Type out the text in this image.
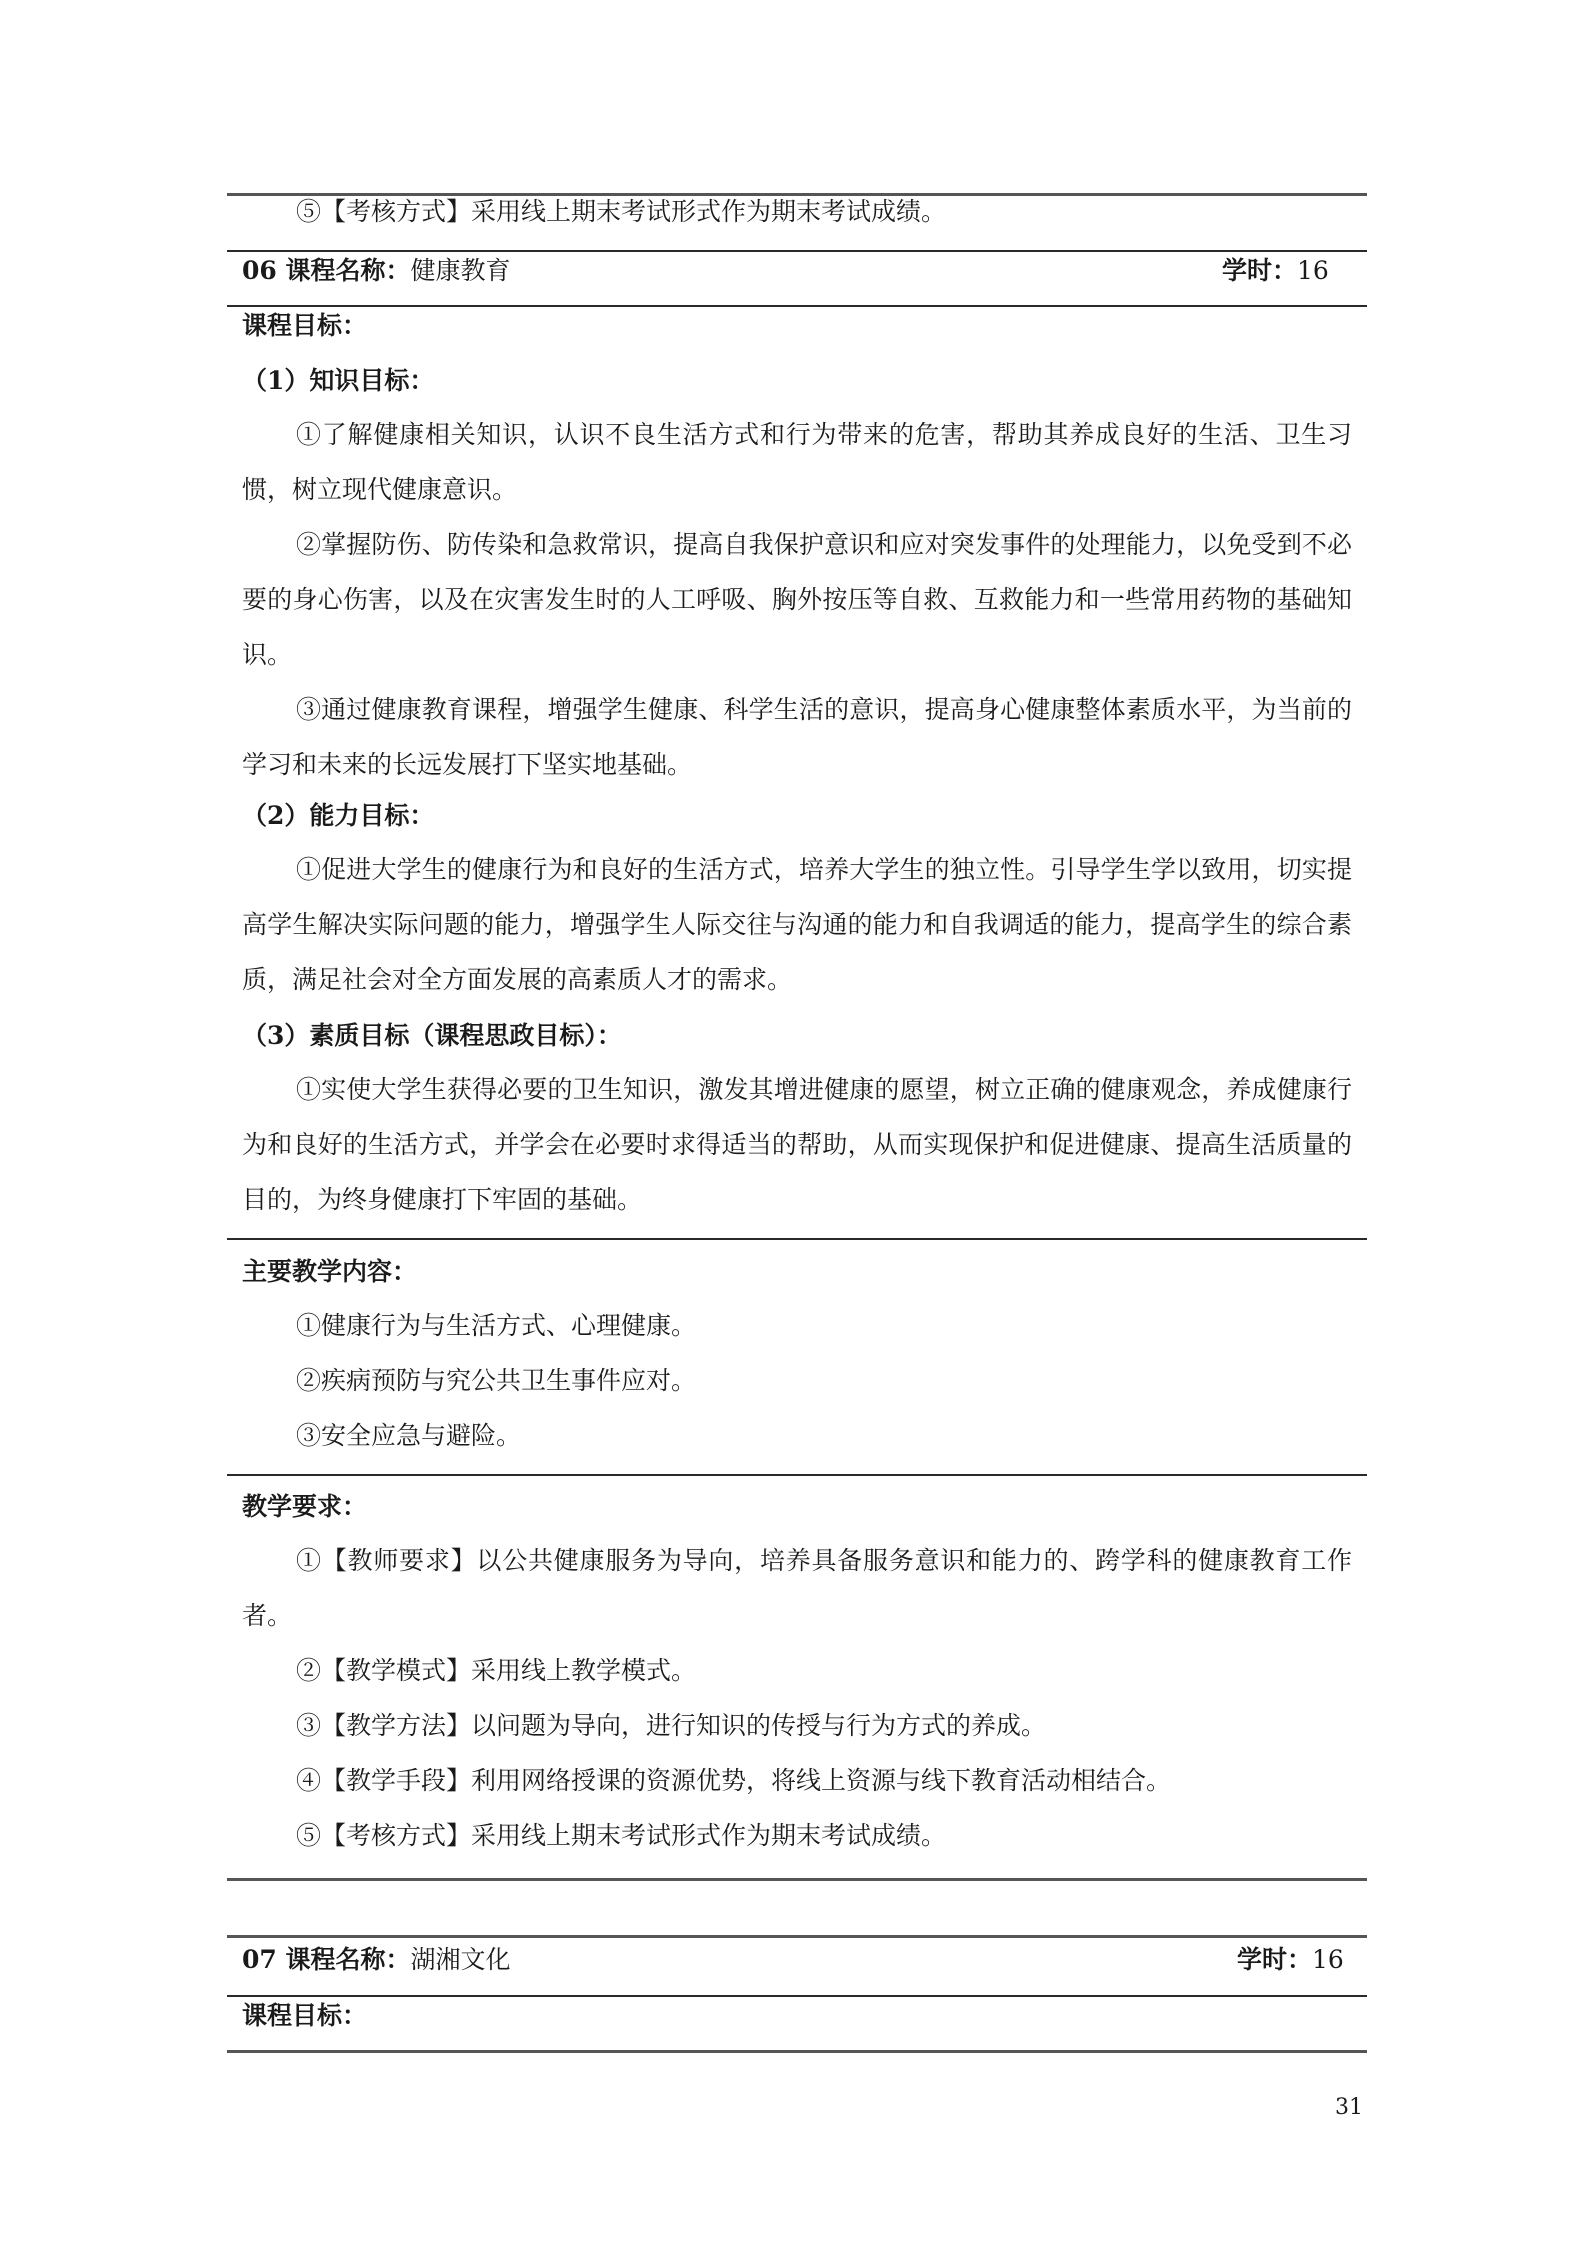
⑤【考核方式】采用线上期末考试形式作为期末考试成绩。
06 课程名称：健康教育	学时：16
课程目标：
（1）知识目标：
①了解健康相关知识，认识不良生活方式和行为带来的危害，帮助其养成良好的生活、卫生习惯，树立现代健康意识。
②掌握防伤、防传染和急救常识，提高自我保护意识和应对突发事件的处理能力，以免受到不必要的身心伤害，以及在灾害发生时的人工呼吸、胸外按压等自救、互救能力和一些常用药物的基础知识。
③通过健康教育课程，增强学生健康、科学生活的意识，提高身心健康整体素质水平，为当前的学习和未来的长远发展打下坚实地基础。
（2）能力目标：
①促进大学生的健康行为和良好的生活方式，培养大学生的独立性。引导学生学以致用，切实提高学生解决实际问题的能力，增强学生人际交往与沟通的能力和自我调适的能力，提高学生的综合素质，满足社会对全方面发展的高素质人才的需求。
（3）素质目标（课程思政目标）：
①实使大学生获得必要的卫生知识，激发其增进健康的愿望，树立正确的健康观念，养成健康行为和良好的生活方式，并学会在必要时求得适当的帮助，从而实现保护和促进健康、提高生活质量的目的，为终身健康打下牢固的基础。
主要教学内容：
①健康行为与生活方式、心理健康。
②疾病预防与究公共卫生事件应对。
③安全应急与避险。
教学要求：
①【教师要求】以公共健康服务为导向，培养具备服务意识和能力的、跨学科的健康教育工作者。
②【教学模式】采用线上教学模式。
③【教学方法】以问题为导向，进行知识的传授与行为方式的养成。
④【教学手段】利用网络授课的资源优势，将线上资源与线下教育活动相结合。
⑤【考核方式】采用线上期末考试形式作为期末考试成绩。
07 课程名称：湖湘文化	学时：16
课程目标：
31
